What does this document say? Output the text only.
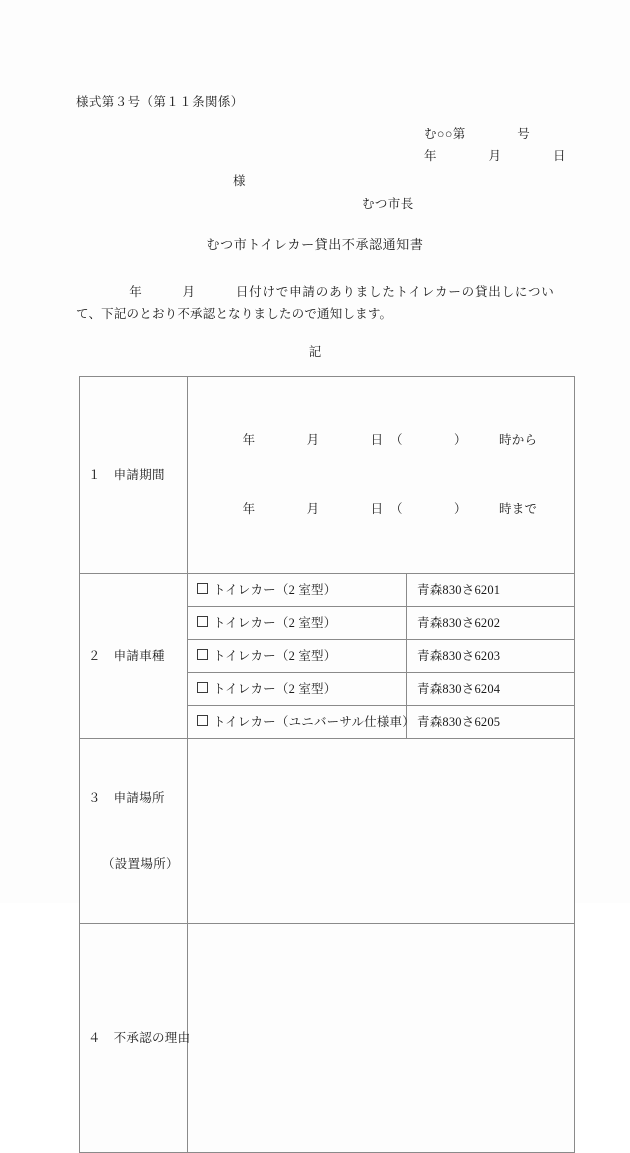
様式第３号（第１１条関係）
む○○第　　　　号
年　　　　月　　　　日
様
むつ市長
むつ市トイレカー貸出不承認通知書
　　　　年　　　月　　　日付けで申請のありましたトイレカーの貸出しについて、下記のとおり不承認となりましたので通知します。
記
１　申請期間	年　　　　月　　　　日　（　　　　）　　　時から

年　　　　月　　　　日　（　　　　）　　　時まで	

２　申請車種	トイレカー（2 室型）	青森830さ6201

	トイレカー（2 室型）	青森830さ6202

	トイレカー（2 室型）	青森830さ6203

	トイレカー（2 室型）	青森830さ6204

	トイレカー（ユニバーサル仕様車）	青森830さ6205

３　申請場所

（設置場所）		

４　不承認の理由		
